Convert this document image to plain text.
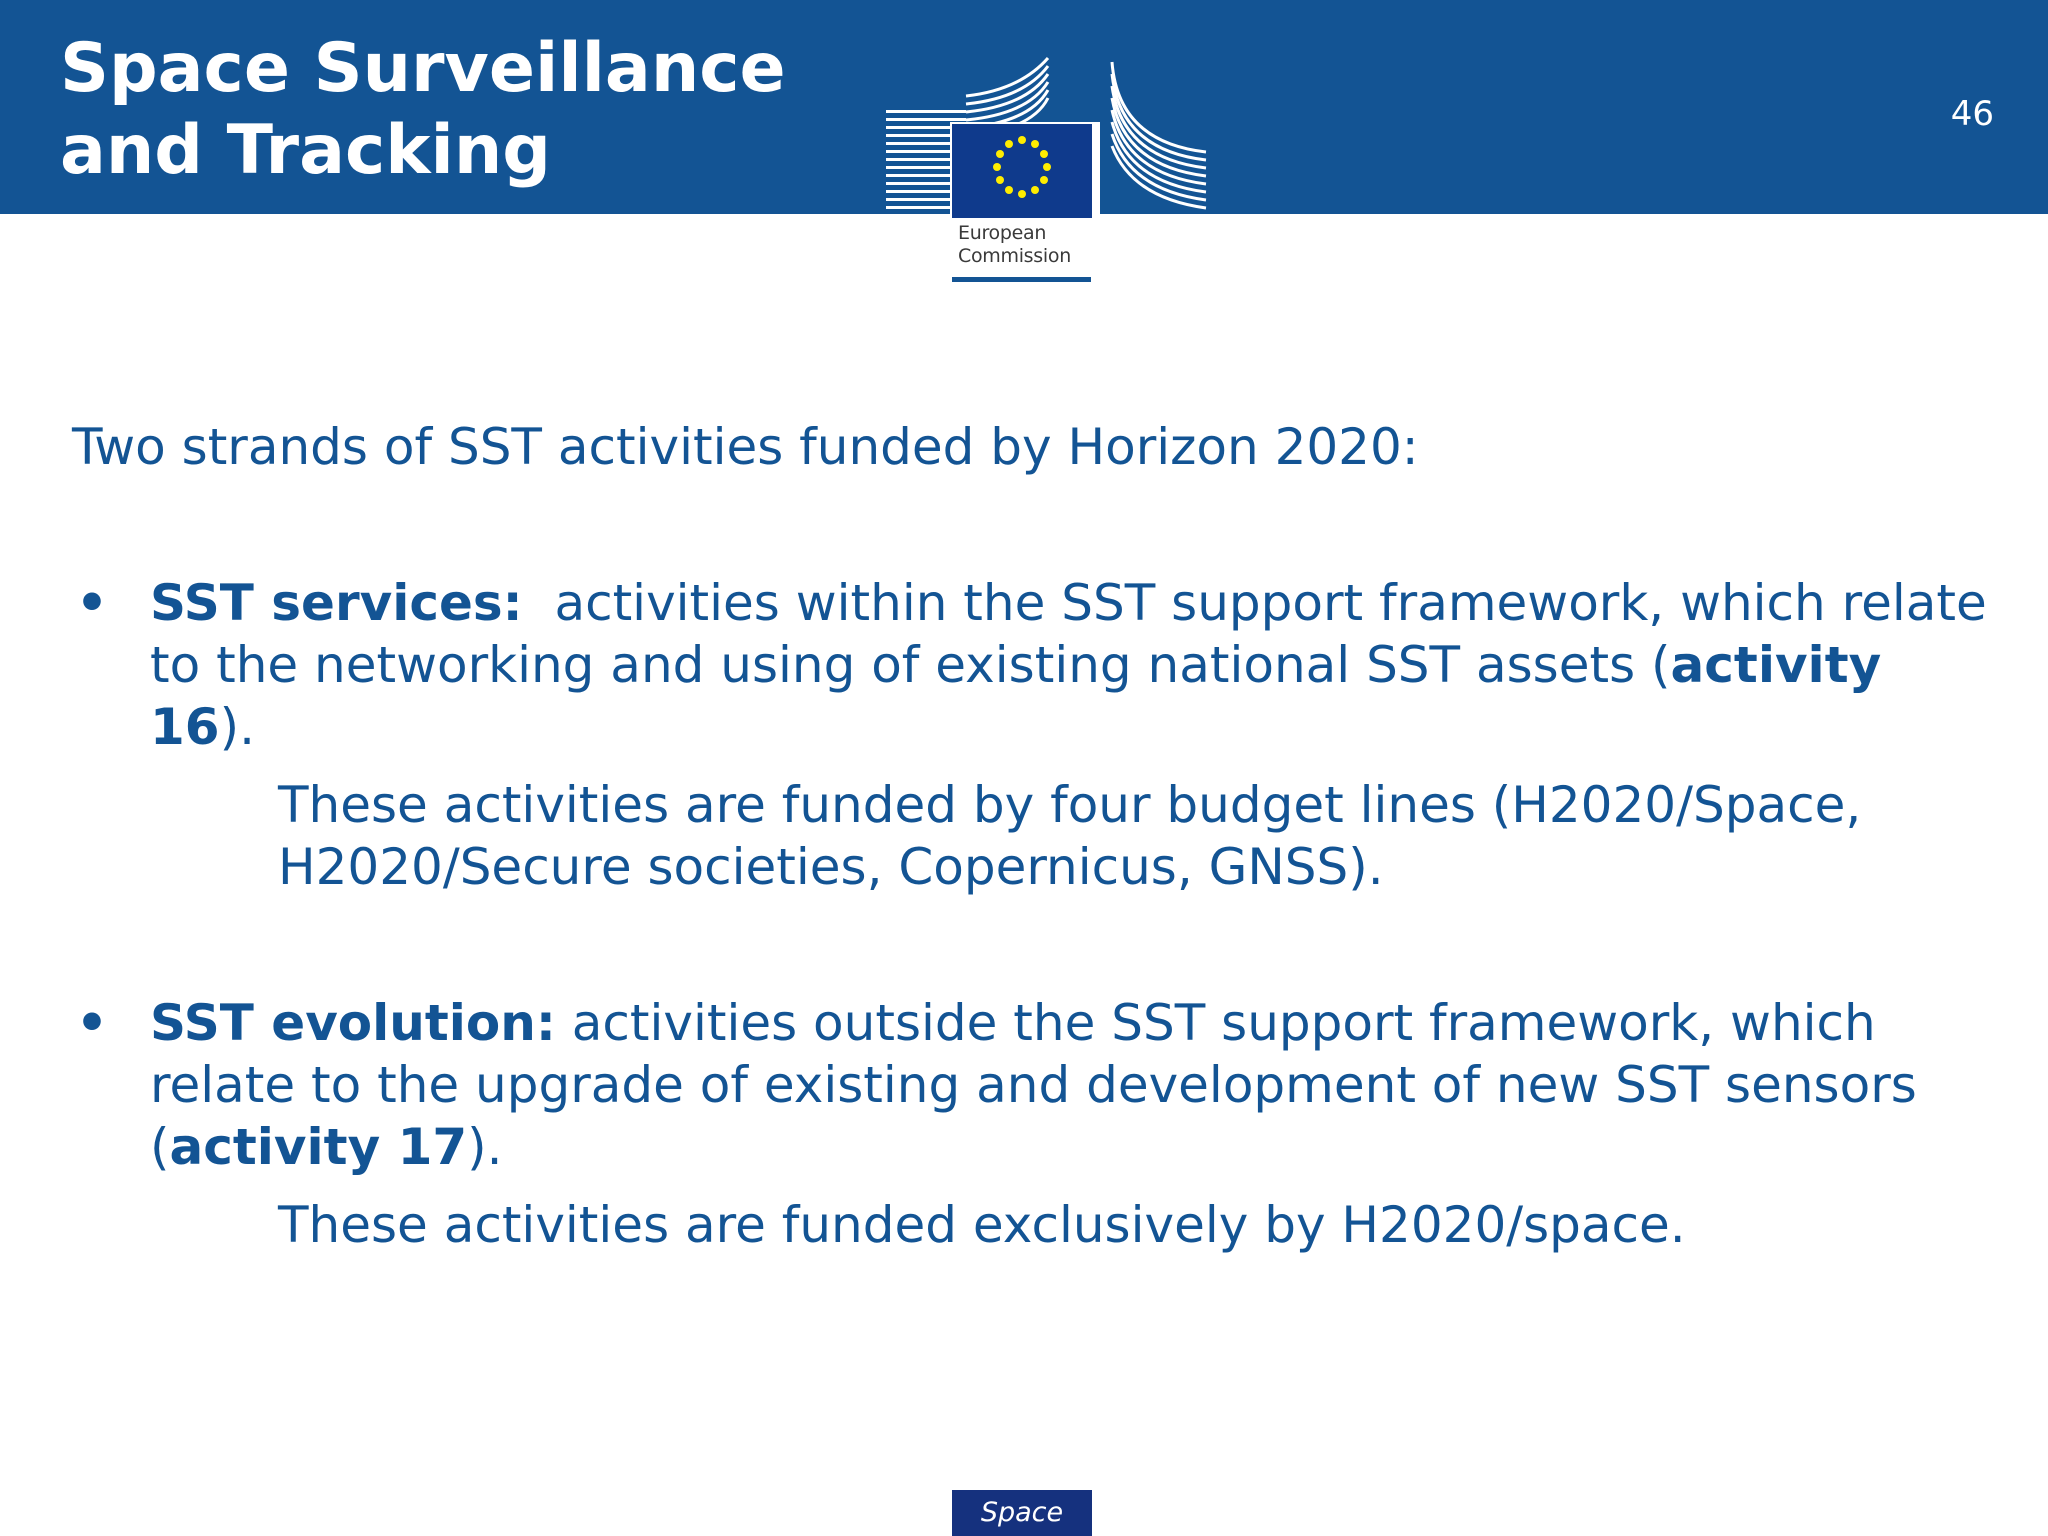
Space Surveillance
and Tracking	46
European
Commission

Two strands of SST activities funded by Horizon 2020:

• SST services:  activities within the SST support framework, which relate to the networking and using of existing national SST assets (activity 16).

These activities are funded by four budget lines (H2020/Space, H2020/Secure societies, Copernicus, GNSS).

• SST evolution: activities outside the SST support framework, which relate to the upgrade of existing and development of new SST sensors (activity 17).

These activities are funded exclusively by H2020/space.

Space
